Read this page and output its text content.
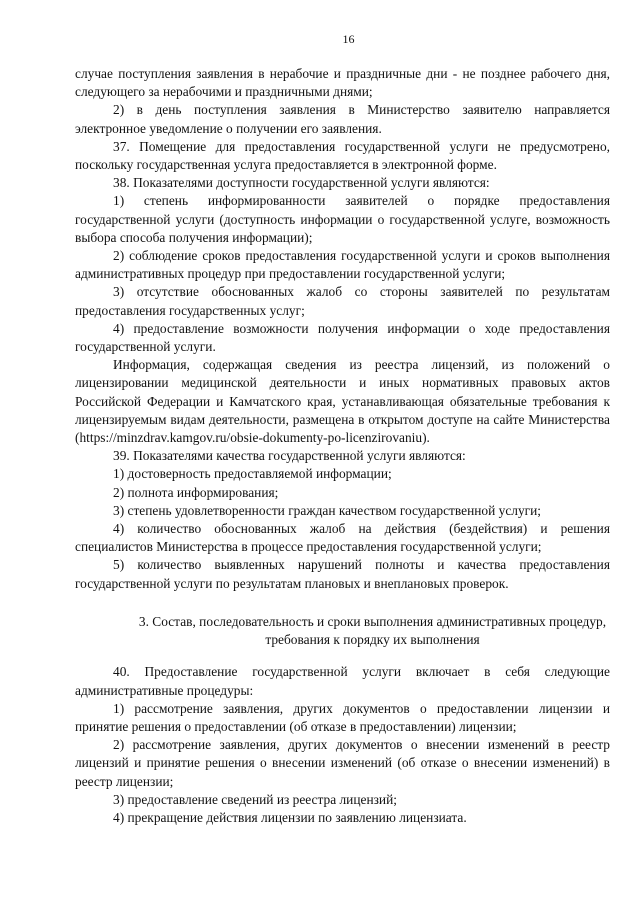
16

случае поступления заявления в нерабочие и праздничные дни - не позднее рабочего дня, следующего за нерабочими и праздничными днями;

2) в день поступления заявления в Министерство заявителю направляется электронное уведомление о получении его заявления.

37. Помещение для предоставления государственной услуги не предусмотрено, поскольку государственная услуга предоставляется в электронной форме.

38. Показателями доступности государственной услуги являются:

1) степень информированности заявителей о порядке предоставления государственной услуги (доступность информации о государственной услуге, возможность выбора способа получения информации);

2) соблюдение сроков предоставления государственной услуги и сроков выполнения административных процедур при предоставлении государственной услуги;

3) отсутствие обоснованных жалоб со стороны заявителей по результатам предоставления государственных услуг;

4) предоставление возможности получения информации о ходе предоставления государственной услуги.

Информация, содержащая сведения из реестра лицензий, из положений о лицензировании медицинской деятельности и иных нормативных правовых актов Российской Федерации и Камчатского края, устанавливающая обязательные требования к лицензируемым видам деятельности, размещена в открытом доступе на сайте Министерства (https://minzdrav.kamgov.ru/obsie-dokumenty-po-licenzirovaniu).

39. Показателями качества государственной услуги являются:

1) достоверность предоставляемой информации;

2) полнота информирования;

3) степень удовлетворенности граждан качеством государственной услуги;

4) количество обоснованных жалоб на действия (бездействия) и решения специалистов Министерства в процессе предоставления государственной услуги;

5) количество выявленных нарушений полноты и качества предоставления государственной услуги по результатам плановых и внеплановых проверок.

3. Состав, последовательность и сроки выполнения административных процедур, требования к порядку их выполнения

40. Предоставление государственной услуги включает в себя следующие административные процедуры:

1) рассмотрение заявления, других документов о предоставлении лицензии и принятие решения о предоставлении (об отказе в предоставлении) лицензии;

2) рассмотрение заявления, других документов о внесении изменений в реестр лицензий и принятие решения о внесении изменений (об отказе о внесении изменений) в реестр лицензии;

3) предоставление сведений из реестра лицензий;

4) прекращение действия лицензии по заявлению лицензиата.
